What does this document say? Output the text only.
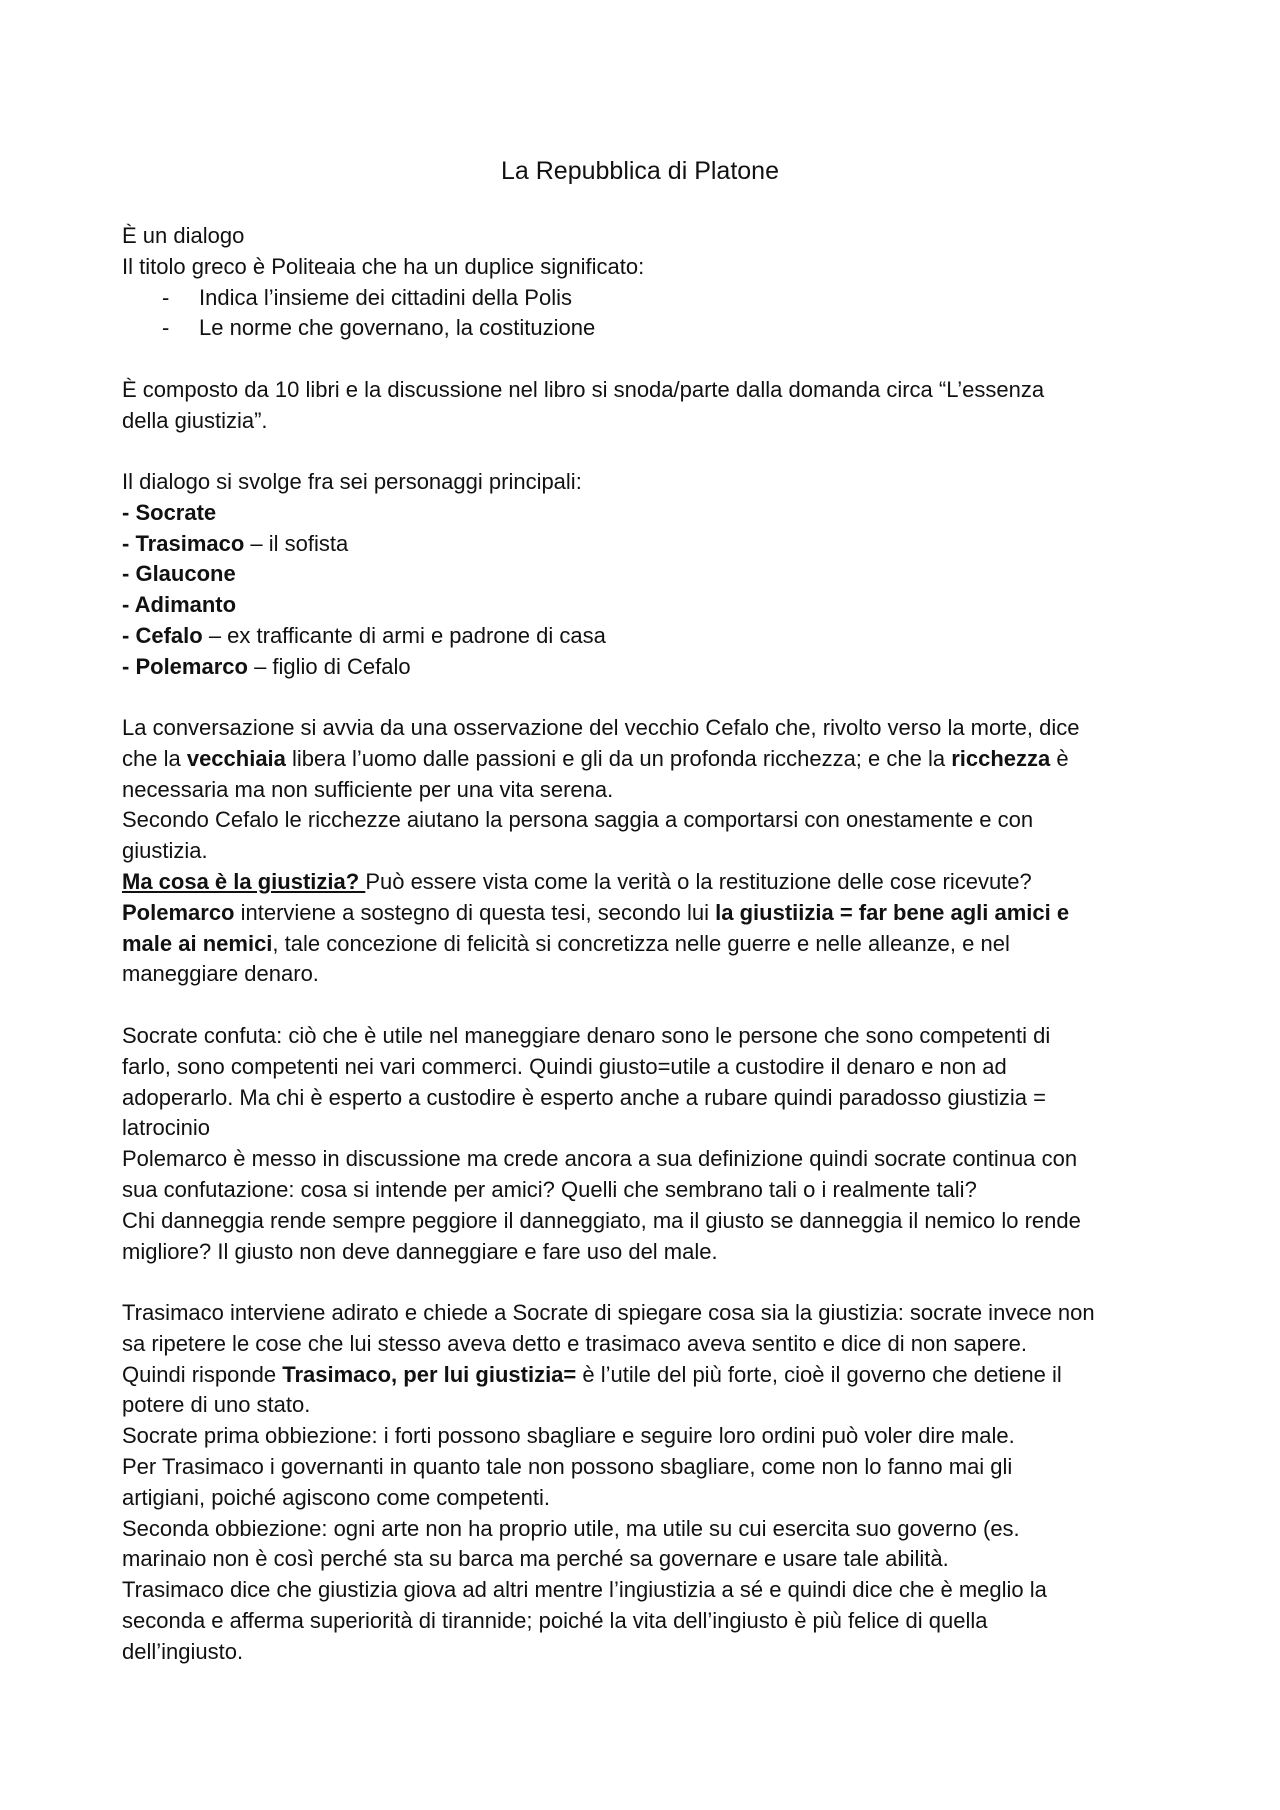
La Repubblica di Platone
È un dialogo
Il titolo greco è Politeaia che ha un duplice significato:
- Indica l’insieme dei cittadini della Polis
- Le norme che governano, la costituzione
È composto da 10 libri e la discussione nel libro si snoda/parte dalla domanda circa “L’essenza
della giustizia”.
Il dialogo si svolge fra sei personaggi principali:
- Socrate
- Trasimaco – il sofista
- Glaucone
- Adimanto
- Cefalo – ex trafficante di armi e padrone di casa
- Polemarco – figlio di Cefalo
La conversazione si avvia da una osservazione del vecchio Cefalo che, rivolto verso la morte, dice
che la vecchiaia libera l’uomo dalle passioni e gli da un profonda ricchezza; e che la ricchezza è
necessaria ma non sufficiente per una vita serena.
Secondo Cefalo le ricchezze aiutano la persona saggia a comportarsi con onestamente e con
giustizia.
Ma cosa è la giustizia? Può essere vista come la verità o la restituzione delle cose ricevute?
Polemarco interviene a sostegno di questa tesi, secondo lui la giustiizia = far bene agli amici e
male ai nemici, tale concezione di felicità si concretizza nelle guerre e nelle alleanze, e nel
maneggiare denaro.
Socrate confuta: ciò che è utile nel maneggiare denaro sono le persone che sono competenti di
farlo, sono competenti nei vari commerci. Quindi giusto=utile a custodire il denaro e non ad
adoperarlo. Ma chi è esperto a custodire è esperto anche a rubare quindi paradosso giustizia =
latrocinio
Polemarco è messo in discussione ma crede ancora a sua definizione quindi socrate continua con
sua confutazione: cosa si intende per amici? Quelli che sembrano tali o i realmente tali?
Chi danneggia rende sempre peggiore il danneggiato, ma il giusto se danneggia il nemico lo rende
migliore? Il giusto non deve danneggiare e fare uso del male.
Trasimaco interviene adirato e chiede a Socrate di spiegare cosa sia la giustizia: socrate invece non
sa ripetere le cose che lui stesso aveva detto e trasimaco aveva sentito e dice di non sapere.
Quindi risponde Trasimaco, per lui giustizia= è l’utile del più forte, cioè il governo che detiene il
potere di uno stato.
Socrate prima obbiezione: i forti possono sbagliare e seguire loro ordini può voler dire male.
Per Trasimaco i governanti in quanto tale non possono sbagliare, come non lo fanno mai gli
artigiani, poiché agiscono come competenti.
Seconda obbiezione: ogni arte non ha proprio utile, ma utile su cui esercita suo governo (es.
marinaio non è così perché sta su barca ma perché sa governare e usare tale abilità.
Trasimaco dice che giustizia giova ad altri mentre l’ingiustizia a sé e quindi dice che è meglio la
seconda e afferma superiorità di tirannide; poiché la vita dell’ingiusto è più felice di quella
dell’ingiusto.
